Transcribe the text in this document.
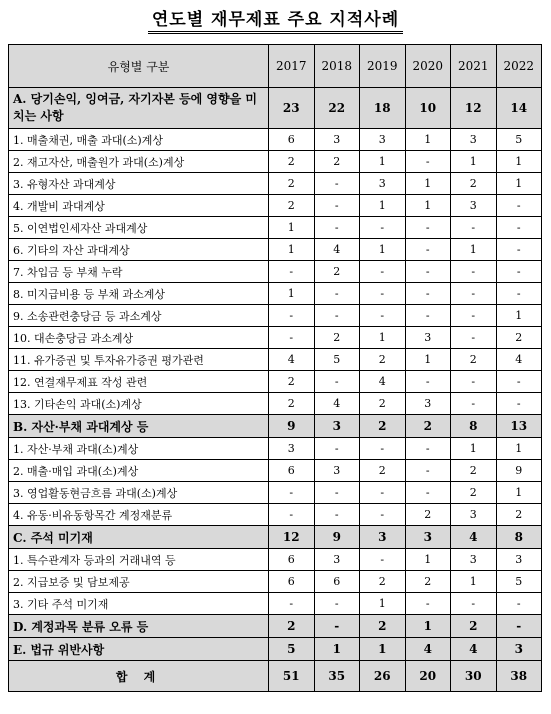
연도별 재무제표 주요 지적사례
유형별 구분	2017	2018	2019	2020	2021	2022
A. 당기손익, 잉여금, 자기자본 등에 영향을 미치는 사항	23	22	18	10	12	14
1. 매출채권, 매출 과대(소)계상	6	3	3	1	3	5
2. 재고자산, 매출원가 과대(소)계상	2	2	1	-	1	1
3. 유형자산 과대계상	2	-	3	1	2	1
4. 개발비 과대계상	2	-	1	1	3	-
5. 이연법인세자산 과대계상	1	-	-	-	-	-
6. 기타의 자산 과대계상	1	4	1	-	1	-
7. 차입금 등 부채 누락	-	2	-	-	-	-
8. 미지급비용 등 부채 과소계상	1	-	-	-	-	-
9. 소송관련충당금 등 과소계상	-	-	-	-	-	1
10. 대손충당금 과소계상	-	2	1	3	-	2
11. 유가증권 및 투자유가증권 평가관련	4	5	2	1	2	4
12. 연결재무제표 작성 관련	2	-	4	-	-	-
13. 기타손익 과대(소)계상	2	4	2	3	-	-
B. 자산·부채 과대계상 등	9	3	2	2	8	13
1. 자산·부채 과대(소)계상	3	-	-	-	1	1
2. 매출·매입 과대(소)계상	6	3	2	-	2	9
3. 영업활동현금흐름 과대(소)계상	-	-	-	-	2	1
4. 유동·비유동항목간 계정재분류	-	-	-	2	3	2
C. 주석 미기재	12	9	3	3	4	8
1. 특수관계자 등과의 거래내역 등	6	3	-	1	3	3
2. 지급보증 및 담보제공	6	6	2	2	1	5
3. 기타 주석 미기재	-	-	1	-	-	-
D. 계정과목 분류 오류 등	2	-	2	1	2	-
E. 법규 위반사항	5	1	1	4	4	3
합 계	51	35	26	20	30	38
